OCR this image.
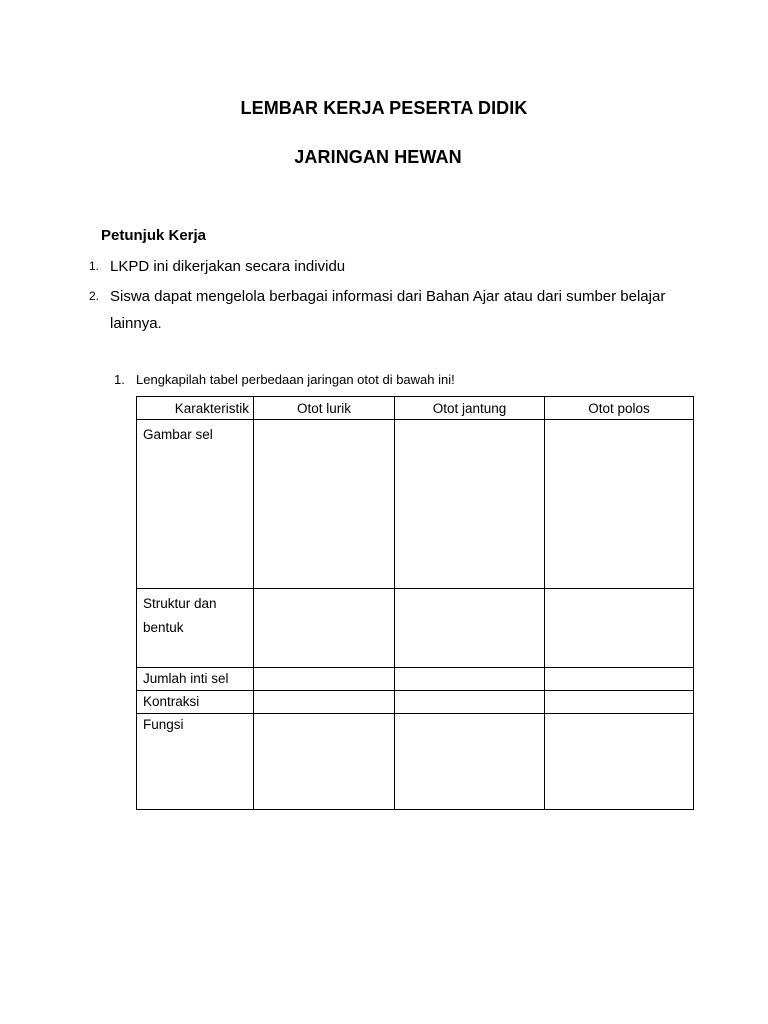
LEMBAR KERJA PESERTA DIDIK
JARINGAN HEWAN
Petunjuk Kerja
1. LKPD ini dikerjakan secara individu
2. Siswa dapat mengelola berbagai informasi dari Bahan Ajar atau dari sumber belajar lainnya.
1. Lengkapilah tabel perbedaan jaringan otot di bawah ini!
Karakteristik	Otot lurik	Otot jantung	Otot polos
Gambar sel			
Struktur dan bentuk			
Jumlah inti sel			
Kontraksi			
Fungsi			
